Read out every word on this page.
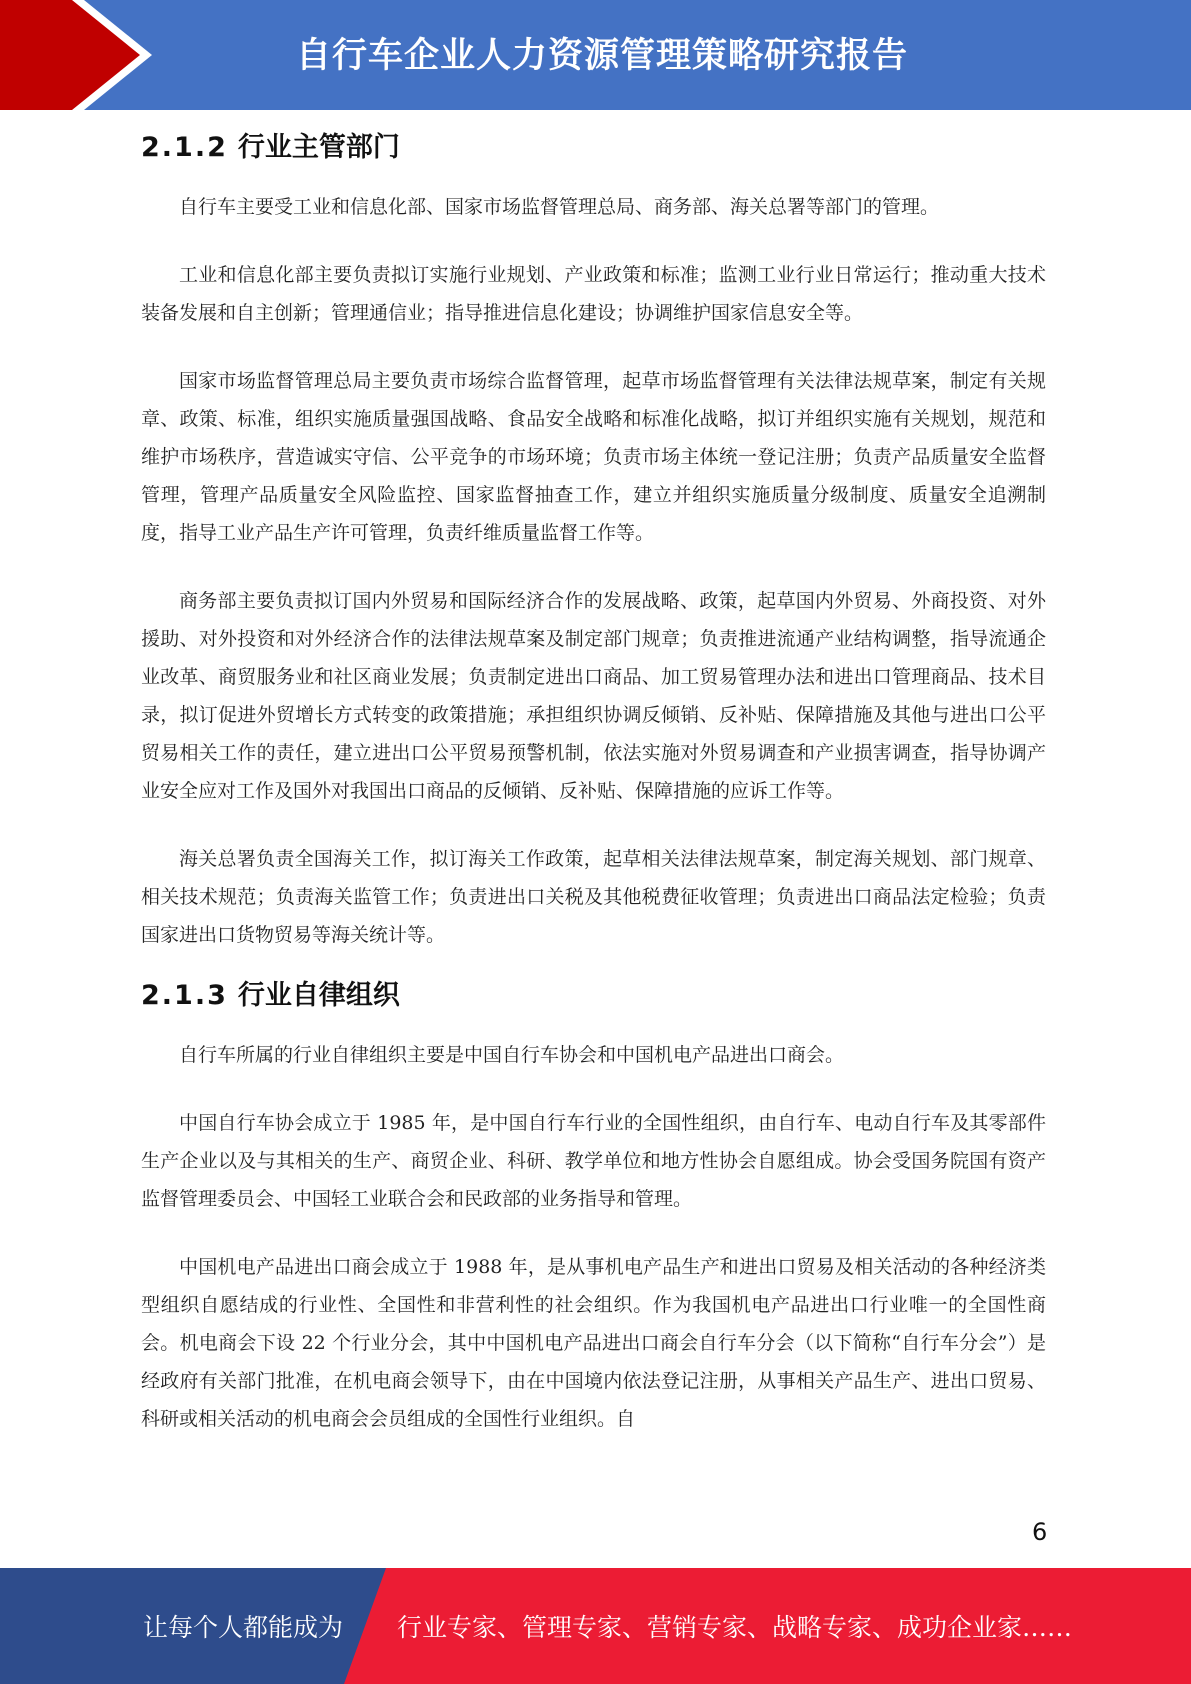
自行车企业人力资源管理策略研究报告
2.1.2 行业主管部门

自行车主要受工业和信息化部、国家市场监督管理总局、商务部、海关总署等部门的管理。

工业和信息化部主要负责拟订实施行业规划、产业政策和标准；监测工业行业日常运行；推动重大技术装备发展和自主创新；管理通信业；指导推进信息化建设；协调维护国家信息安全等。

国家市场监督管理总局主要负责市场综合监督管理，起草市场监督管理有关法律法规草案，制定有关规章、政策、标准，组织实施质量强国战略、食品安全战略和标准化战略，拟订并组织实施有关规划，规范和维护市场秩序，营造诚实守信、公平竞争的市场环境；负责市场主体统一登记注册；负责产品质量安全监督管理，管理产品质量安全风险监控、国家监督抽查工作，建立并组织实施质量分级制度、质量安全追溯制度，指导工业产品生产许可管理，负责纤维质量监督工作等。

商务部主要负责拟订国内外贸易和国际经济合作的发展战略、政策，起草国内外贸易、外商投资、对外援助、对外投资和对外经济合作的法律法规草案及制定部门规章；负责推进流通产业结构调整，指导流通企业改革、商贸服务业和社区商业发展；负责制定进出口商品、加工贸易管理办法和进出口管理商品、技术目录，拟订促进外贸增长方式转变的政策措施；承担组织协调反倾销、反补贴、保障措施及其他与进出口公平贸易相关工作的责任，建立进出口公平贸易预警机制，依法实施对外贸易调查和产业损害调查，指导协调产业安全应对工作及国外对我国出口商品的反倾销、反补贴、保障措施的应诉工作等。

海关总署负责全国海关工作，拟订海关工作政策，起草相关法律法规草案，制定海关规划、部门规章、相关技术规范；负责海关监管工作；负责进出口关税及其他税费征收管理；负责进出口商品法定检验；负责国家进出口货物贸易等海关统计等。

2.1.3 行业自律组织

自行车所属的行业自律组织主要是中国自行车协会和中国机电产品进出口商会。

中国自行车协会成立于 1985 年，是中国自行车行业的全国性组织，由自行车、电动自行车及其零部件生产企业以及与其相关的生产、商贸企业、科研、教学单位和地方性协会自愿组成。协会受国务院国有资产监督管理委员会、中国轻工业联合会和民政部的业务指导和管理。

中国机电产品进出口商会成立于 1988 年，是从事机电产品生产和进出口贸易及相关活动的各种经济类型组织自愿结成的行业性、全国性和非营利性的社会组织。作为我国机电产品进出口行业唯一的全国性商会。机电商会下设 22 个行业分会，其中中国机电产品进出口商会自行车分会（以下简称“自行车分会”）是经政府有关部门批准，在机电商会领导下，由在中国境内依法登记注册，从事相关产品生产、进出口贸易、科研或相关活动的机电商会会员组成的全国性行业组织。自

6
让每个人都能成为 行业专家、管理专家、营销专家、战略专家、成功企业家……
